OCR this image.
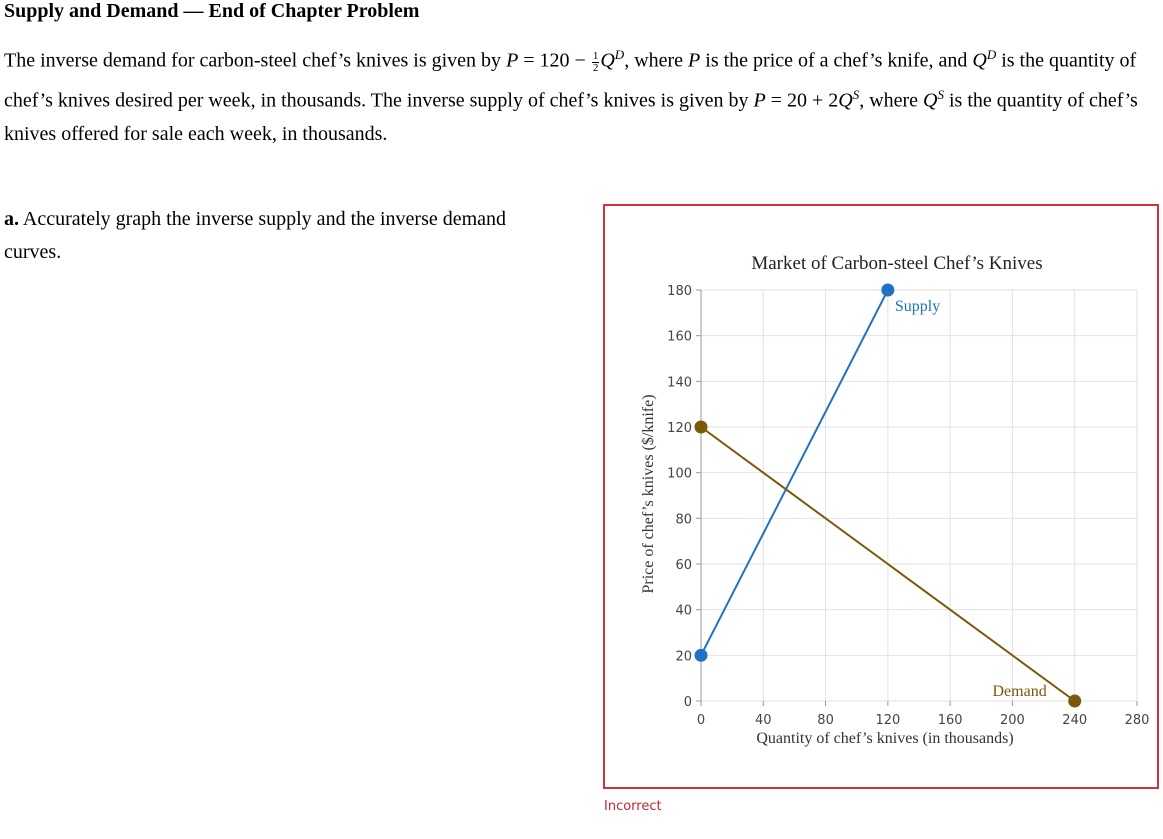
Supply and Demand — End of Chapter Problem
The inverse demand for carbon-steel chef’s knives is given by $P = 120 - \frac{1}{2} Q^D$, where P is the price of a chef’s knife, and $Q^D$ is the quantity of chef’s knives desired per week, in thousands. The inverse supply of chef’s knives is given by $P = 20 + 2Q^S$, where $Q^S$ is the quantity of chef’s knives offered for sale each week, in thousands.
a. Accurately graph the inverse supply and the inverse demand curves.
Market of Carbon-steel Chef’s Knives
0
20
40
60
80
100
120
140
160
180
0	40	80	120	160	200	240	280
Supply
Demand
Quantity of chef’s knives (in thousands)
Price of chef’s knives ($/knife)
Incorrect
